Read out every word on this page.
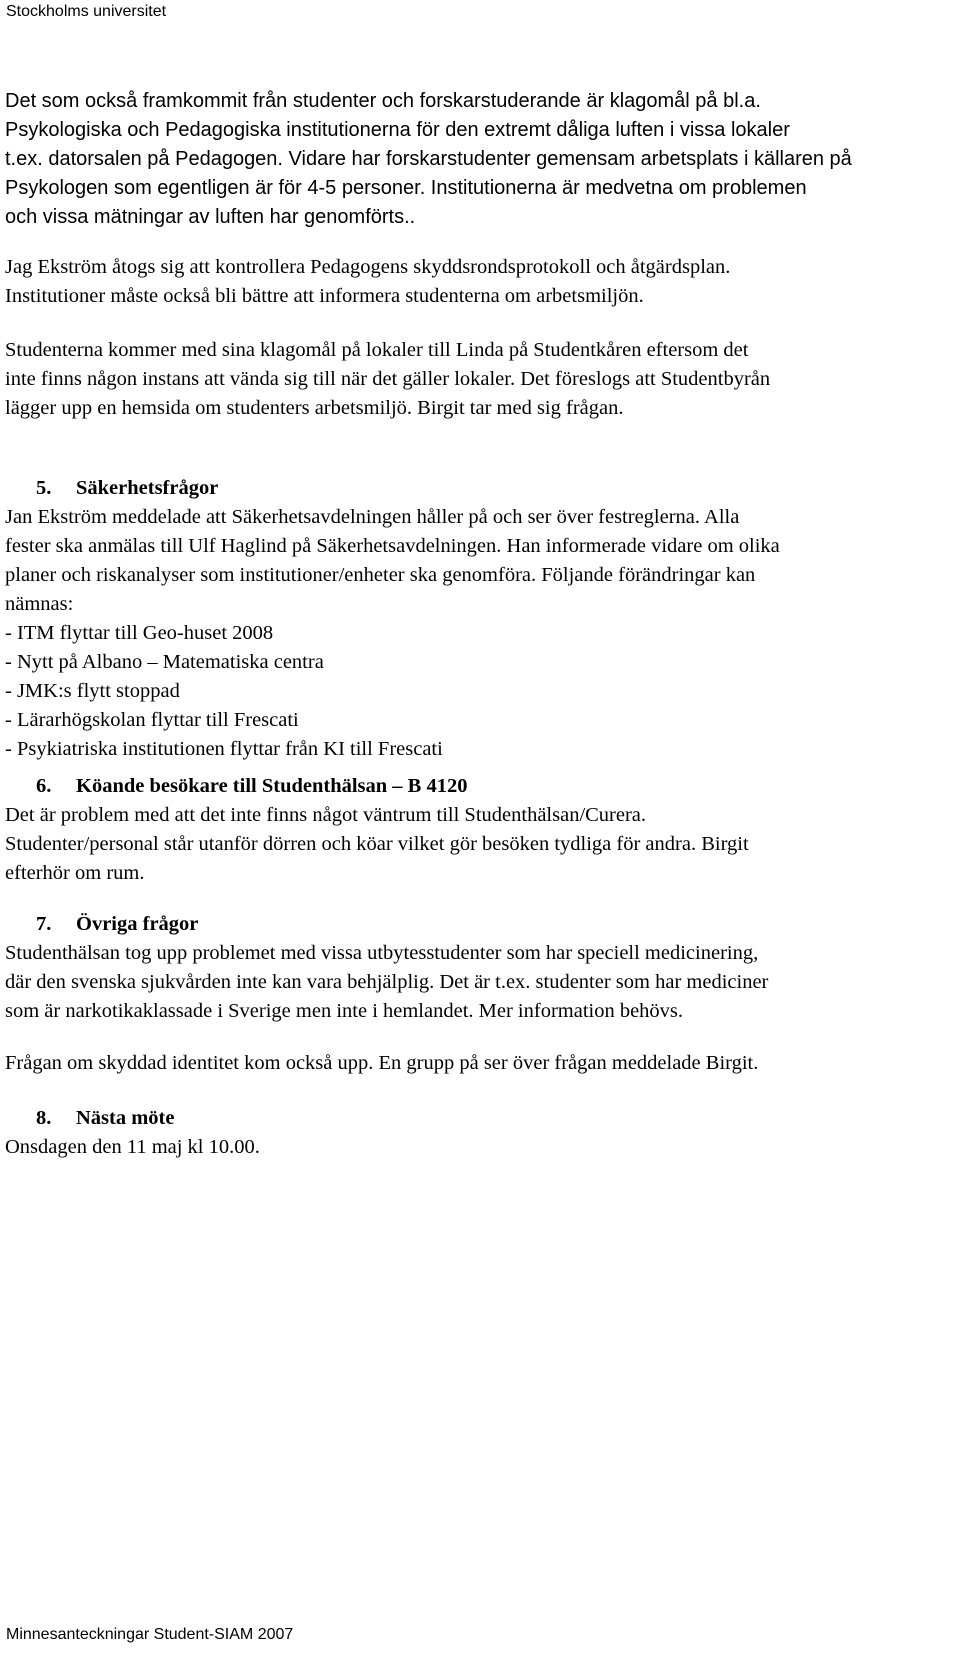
Stockholms universitet
Det som också framkommit från studenter och forskarstuderande är klagomål på bl.a.
Psykologiska och Pedagogiska institutionerna för den extremt dåliga luften i vissa lokaler
t.ex. datorsalen på Pedagogen. Vidare har forskarstudenter gemensam arbetsplats i källaren på
Psykologen som egentligen är för 4-5 personer. Institutionerna är medvetna om problemen
och vissa mätningar av luften har genomförts..
Jag Ekström åtogs sig att kontrollera Pedagogens skyddsrondsprotokoll och åtgärdsplan.
Institutioner måste också bli bättre att informera studenterna om arbetsmiljön.
Studenterna kommer med sina klagomål på lokaler till Linda på Studentkåren eftersom det
inte finns någon instans att vända sig till när det gäller lokaler. Det föreslogs att Studentbyrån
lägger upp en hemsida om studenters arbetsmiljö. Birgit tar med sig frågan.
5. Säkerhetsfrågor
Jan Ekström meddelade att Säkerhetsavdelningen håller på och ser över festreglerna. Alla
fester ska anmälas till Ulf Haglind på Säkerhetsavdelningen. Han informerade vidare om olika
planer och riskanalyser som institutioner/enheter ska genomföra. Följande förändringar kan
nämnas:
- ITM flyttar till Geo-huset 2008
- Nytt på Albano – Matematiska centra
- JMK:s flytt stoppad
- Lärarhögskolan flyttar till Frescati
- Psykiatriska institutionen flyttar från KI till Frescati
6. Köande besökare till Studenthälsan – B 4120
Det är problem med att det inte finns något väntrum till Studenthälsan/Curera.
Studenter/personal står utanför dörren och köar vilket gör besöken tydliga för andra. Birgit
efterhör om rum.
7. Övriga frågor
Studenthälsan tog upp problemet med vissa utbytesstudenter som har speciell medicinering,
där den svenska sjukvården inte kan vara behjälplig. Det är t.ex. studenter som har mediciner
som är narkotikaklassade i Sverige men inte i hemlandet. Mer information behövs.
Frågan om skyddad identitet kom också upp. En grupp på ser över frågan meddelade Birgit.
8. Nästa möte
Onsdagen den 11 maj kl 10.00.
Minnesanteckningar Student-SIAM 2007
